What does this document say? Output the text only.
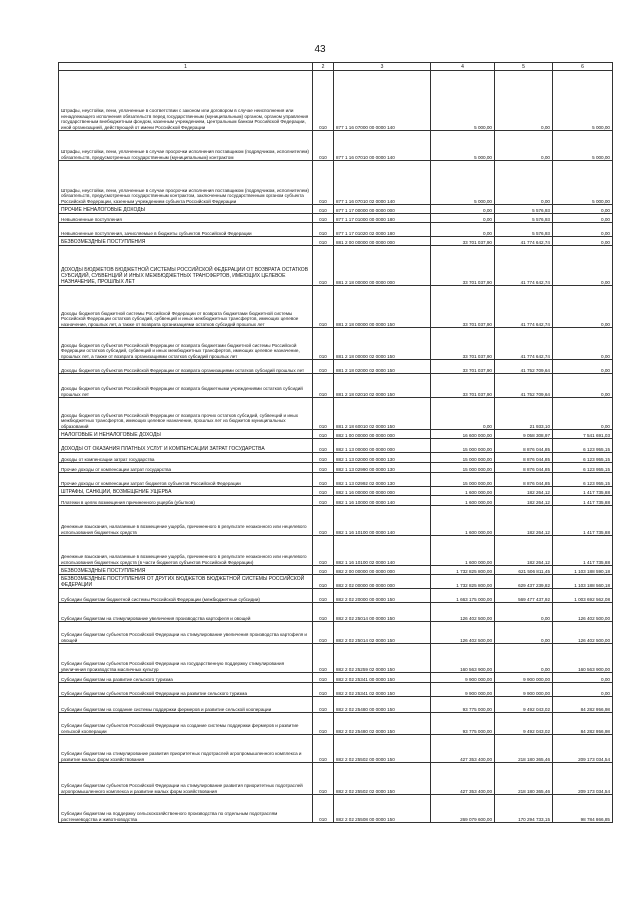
43
1	2	3	4	5	6
Штрафы, неустойки, пени, уплаченные в соответствии с законом или договором в случае неисполнения или ненадлежащего исполнения обязательств перед государственным (муниципальным) органом, органом управления государственным внебюджетным фондом, казенным учреждением, Центральным банком Российской Федерации, иной организацией, действующей от имени Российской Федерации	010	877 1 16 07000 00 0000 140	5 000,00	0,00	5 000,00
Штрафы, неустойки, пени, уплаченные в случае просрочки исполнения поставщиком (подрядчиком, исполнителем) обязательств, предусмотренных государственным (муниципальным) контрактом	010	877 1 16 07010 00 0000 140	5 000,00	0,00	5 000,00
Штрафы, неустойки, пени, уплаченные в случае просрочки исполнения поставщиком (подрядчиком, исполнителем) обязательств, предусмотренных государственным контрактом, заключенным государственным органом субъекта Российской Федерации, казенным учреждением субъекта Российской Федерации	010	877 1 16 07010 02 0000 140	5 000,00	0,00	5 000,00
ПРОЧИЕ НЕНАЛОГОВЫЕ ДОХОДЫ	010	877 1 17 00000 00 0000 000	0,00	5 576,93	0,00
Невыясненные поступления	010	877 1 17 01000 00 0000 180	0,00	5 576,93	0,00
Невыясненные поступления, зачисляемые в бюджеты субъектов Российской Федерации	010	877 1 17 01020 02 0000 180	0,00	5 576,93	0,00
БЕЗВОЗМЕЗДНЫЕ ПОСТУПЛЕНИЯ	010	881 2 00 00000 00 0000 000	33 701 037,90	41 774 642,74	0,00
ДОХОДЫ БЮДЖЕТОВ БЮДЖЕТНОЙ СИСТЕМЫ РОССИЙСКОЙ ФЕДЕРАЦИИ ОТ ВОЗВРАТА ОСТАТКОВ СУБСИДИЙ, СУБВЕНЦИЙ И ИНЫХ МЕЖБЮДЖЕТНЫХ ТРАНСФЕРТОВ, ИМЕЮЩИХ ЦЕЛЕВОЕ НАЗНАЧЕНИЕ, ПРОШЛЫХ ЛЕТ	010	881 2 18 00000 00 0000 000	33 701 037,90	41 774 642,74	0,00
Доходы бюджетов бюджетной системы Российской Федерации от возврата бюджетами бюджетной системы Российской Федерации остатков субсидий, субвенций и иных межбюджетных трансфертов, имеющих целевое назначение, прошлых лет, а также от возврата организациями остатков субсидий прошлых лет	010	881 2 18 00000 00 0000 150	33 701 037,90	41 774 642,74	0,00
Доходы бюджетов субъектов Российской Федерации от возврата бюджетами бюджетной системы Российской Федерации остатков субсидий, субвенций и иных межбюджетных трансфертов, имеющих целевое назначение, прошлых лет, а также от возврата организациями остатков субсидий прошлых лет	010	881 2 18 00000 02 0000 150	33 701 037,90	41 774 642,74	0,00
Доходы бюджетов субъектов Российской Федерации от возврата организациями остатков субсидий прошлых лет	010	881 2 18 02000 02 0000 150	33 701 037,90	41 752 709,64	0,00
Доходы бюджетов субъектов Российской Федерации от возврата бюджетными учреждениями остатков субсидий прошлых лет	010	881 2 18 02010 02 0000 150	33 701 037,90	41 752 709,64	0,00
Доходы бюджетов субъектов Российской Федерации от возврата прочих остатков субсидий, субвенций и иных межбюджетных трансфертов, имеющих целевое назначение, прошлых лет из бюджетов муниципальных образований	010	881 2 18 60010 02 0000 150	0,00	21 933,10	0,00
НАЛОГОВЫЕ И НЕНАЛОГОВЫЕ ДОХОДЫ	010	882 1 00 00000 00 0000 000	16 600 000,00	9 058 308,97	7 541 691,03
ДОХОДЫ ОТ ОКАЗАНИЯ ПЛАТНЫХ УСЛУГ И КОМПЕНСАЦИИ ЗАТРАТ ГОСУДАРСТВА	010	882 1 13 00000 00 0000 000	15 000 000,00	8 876 044,85	6 123 955,15
Доходы от компенсации затрат государства	010	882 1 13 02000 00 0000 130	15 000 000,00	8 876 044,85	6 123 955,15
Прочие доходы от компенсации затрат государства	010	882 1 13 02990 00 0000 130	15 000 000,00	8 876 044,85	6 123 955,15
Прочие доходы от компенсации затрат бюджетов субъектов Российской Федерации	010	882 1 13 02992 02 0000 130	15 000 000,00	8 876 044,85	6 123 955,15
ШТРАФЫ, САНКЦИИ, ВОЗМЕЩЕНИЕ УЩЕРБА	010	882 1 16 00000 00 0000 000	1 600 000,00	182 264,12	1 417 735,88
Платежи в целях возмещения причиненного ущерба (убытков)	010	882 1 16 10000 00 0000 140	1 600 000,00	182 264,12	1 417 735,88
Денежные взыскания, налагаемые в возмещение ущерба, причиненного в результате незаконного или нецелевого использования бюджетных средств	010	882 1 16 10100 00 0000 140	1 600 000,00	182 264,12	1 417 735,88
Денежные взыскания, налагаемые в возмещение ущерба, причиненного в результате незаконного или нецелевого использования бюджетных средств (в части бюджетов субъектов Российской Федерации)	010	882 1 16 10100 02 0000 140	1 600 000,00	182 264,12	1 417 735,88
БЕЗВОЗМЕЗДНЫЕ ПОСТУПЛЕНИЯ	010	882 2 00 00000 00 0000 000	1 732 825 800,00	621 506 811,45	1 103 188 590,18
БЕЗВОЗМЕЗДНЫЕ ПОСТУПЛЕНИЯ ОТ ДРУГИХ БЮДЖЕТОВ БЮДЖЕТНОЙ СИСТЕМЫ РОССИЙСКОЙ ФЕДЕРАЦИИ	010	882 2 02 00000 00 0000 000	1 732 825 800,00	629 437 239,82	1 103 188 560,18
Субсидии бюджетам бюджетной системы Российской Федерации (межбюджетные субсидии)	010	882 2 02 20000 00 0000 150	1 663 175 000,00	569 477 437,92	1 003 692 562,08
Субсидии бюджетам на стимулирование увеличения производства картофеля и овощей	010	882 2 02 25014 00 0000 150	126 402 500,00	0,00	126 402 500,00
Субсидии бюджетам субъектов Российской Федерации на стимулирование увеличения производства картофеля и овощей	010	882 2 02 25014 02 0000 150	126 402 500,00	0,00	126 402 500,00
Субсидии бюджетам субъектов Российской Федерации на государственную поддержку стимулирования увеличения производства масличных культур	010	882 2 02 25259 02 0000 150	160 563 900,00	0,00	160 563 900,00
Субсидии бюджетам на развитие сельского туризма	010	882 2 02 25341 00 0000 150	9 900 000,00	9 900 000,00	0,00
Субсидии бюджетам субъектов Российской Федерации на развитие сельского туризма	010	882 2 02 25341 02 0000 150	9 900 000,00	9 900 000,00	0,00
Субсидии бюджетам на создание системы поддержки фермеров и развитие сельской кооперации	010	882 2 02 25480 00 0000 150	93 775 000,00	9 492 043,02	84 282 956,98
Субсидии бюджетам субъектов Российской Федерации на создание системы поддержки фермеров и развитие сельской кооперации	010	882 2 02 25480 02 0000 150	93 775 000,00	9 492 043,02	84 282 956,98
Субсидии бюджетам на стимулирование развития приоритетных подотраслей агропромышленного комплекса и развитие малых форм хозяйствования	010	882 2 02 25502 00 0000 150	427 353 400,00	218 180 365,46	209 173 034,54
Субсидии бюджетам субъектов Российской Федерации на стимулирование развития приоритетных подотраслей агропромышленного комплекса и развитие малых форм хозяйствования	010	882 2 02 25502 02 0000 150	427 353 400,00	218 180 365,46	209 173 034,54
Субсидии бюджетам на поддержку сельскохозяйственного производства по отдельным подотраслям растениеводства и животноводства	010	882 2 02 25508 00 0000 150	269 079 600,00	170 294 733,15	98 784 866,85
